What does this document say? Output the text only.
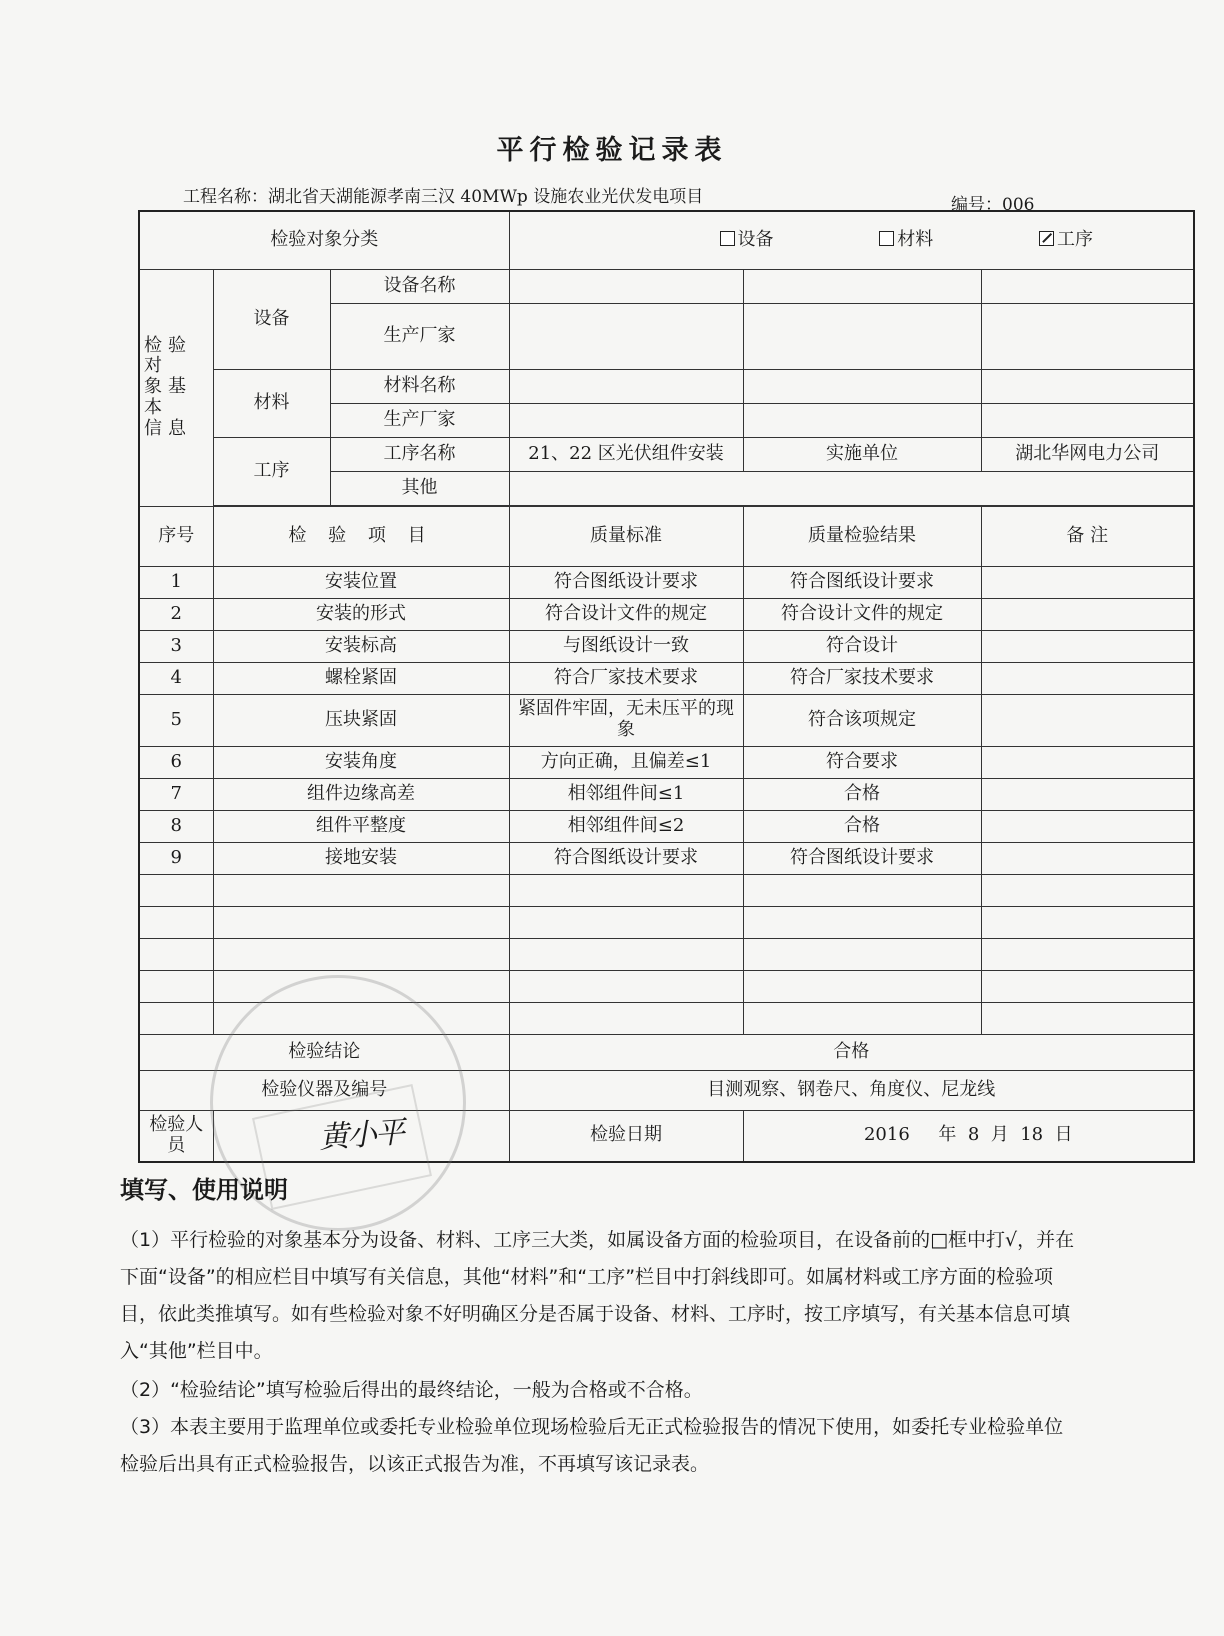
平行检验记录表
工程名称：湖北省天湖能源孝南三汉 40MWp 设施农业光伏发电项目	编号：006
检验对象分类			设备 材料 工序		
检验对
象基本
信息	设备	设备名称			
		生产厂家			
	材料	材料名称			
		生产厂家			
	工序	工序名称	21、22 区光伏组件安装	实施单位	湖北华网电力公司
		其他			

序号	检 验 项 目		质量标准	质量检验结果	备 注
1	安装位置		符合图纸设计要求	符合图纸设计要求	
2	安装的形式		符合设计文件的规定	符合设计文件的规定	
3	安装标高		与图纸设计一致	符合设计	
4	螺栓紧固		符合厂家技术要求	符合厂家技术要求	
5	压块紧固		紧固件牢固，无未压平的现象	符合该项规定	
6	安装角度		方向正确，且偏差≤1	符合要求	
7	组件边缘高差		相邻组件间≤1	合格	
8	组件平整度		相邻组件间≤2	合格	
9	接地安装		符合图纸设计要求	符合图纸设计要求	

检验结论			合格		
检验仪器及编号			目测观察、钢卷尺、角度仪、尼龙线		
检验人员	黄小平		检验日期	2016 年 8 月 18 日	
填写、使用说明
（1）平行检验的对象基本分为设备、材料、工序三大类，如属设备方面的检验项目，在设备前的□框中打√，并在下面“设备”的相应栏目中填写有关信息，其他“材料”和“工序”栏目中打斜线即可。如属材料或工序方面的检验项目，依此类推填写。如有些检验对象不好明确区分是否属于设备、材料、工序时，按工序填写，有关基本信息可填入“其他”栏目中。
（2）“检验结论”填写检验后得出的最终结论，一般为合格或不合格。
（3）本表主要用于监理单位或委托专业检验单位现场检验后无正式检验报告的情况下使用，如委托专业检验单位检验后出具有正式检验报告，以该正式报告为准，不再填写该记录表。
